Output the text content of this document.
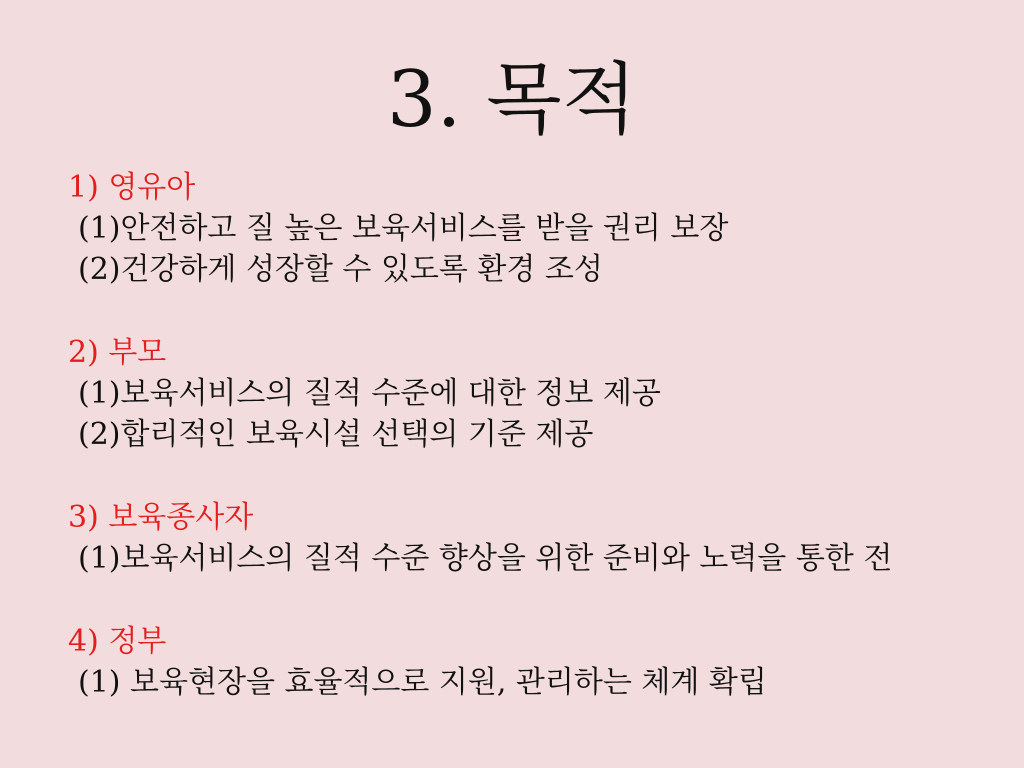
3. 목적
1) 영유아
(1)안전하고 질 높은 보육서비스를 받을 권리 보장
(2)건강하게 성장할 수 있도록 환경 조성
2) 부모
(1)보육서비스의 질적 수준에 대한 정보 제공
(2)합리적인 보육시설 선택의 기준 제공
3) 보육종사자
(1)보육서비스의 질적 수준 향상을 위한 준비와 노력을 통한 전
4) 정부
(1) 보육현장을 효율적으로 지원, 관리하는 체계 확립
